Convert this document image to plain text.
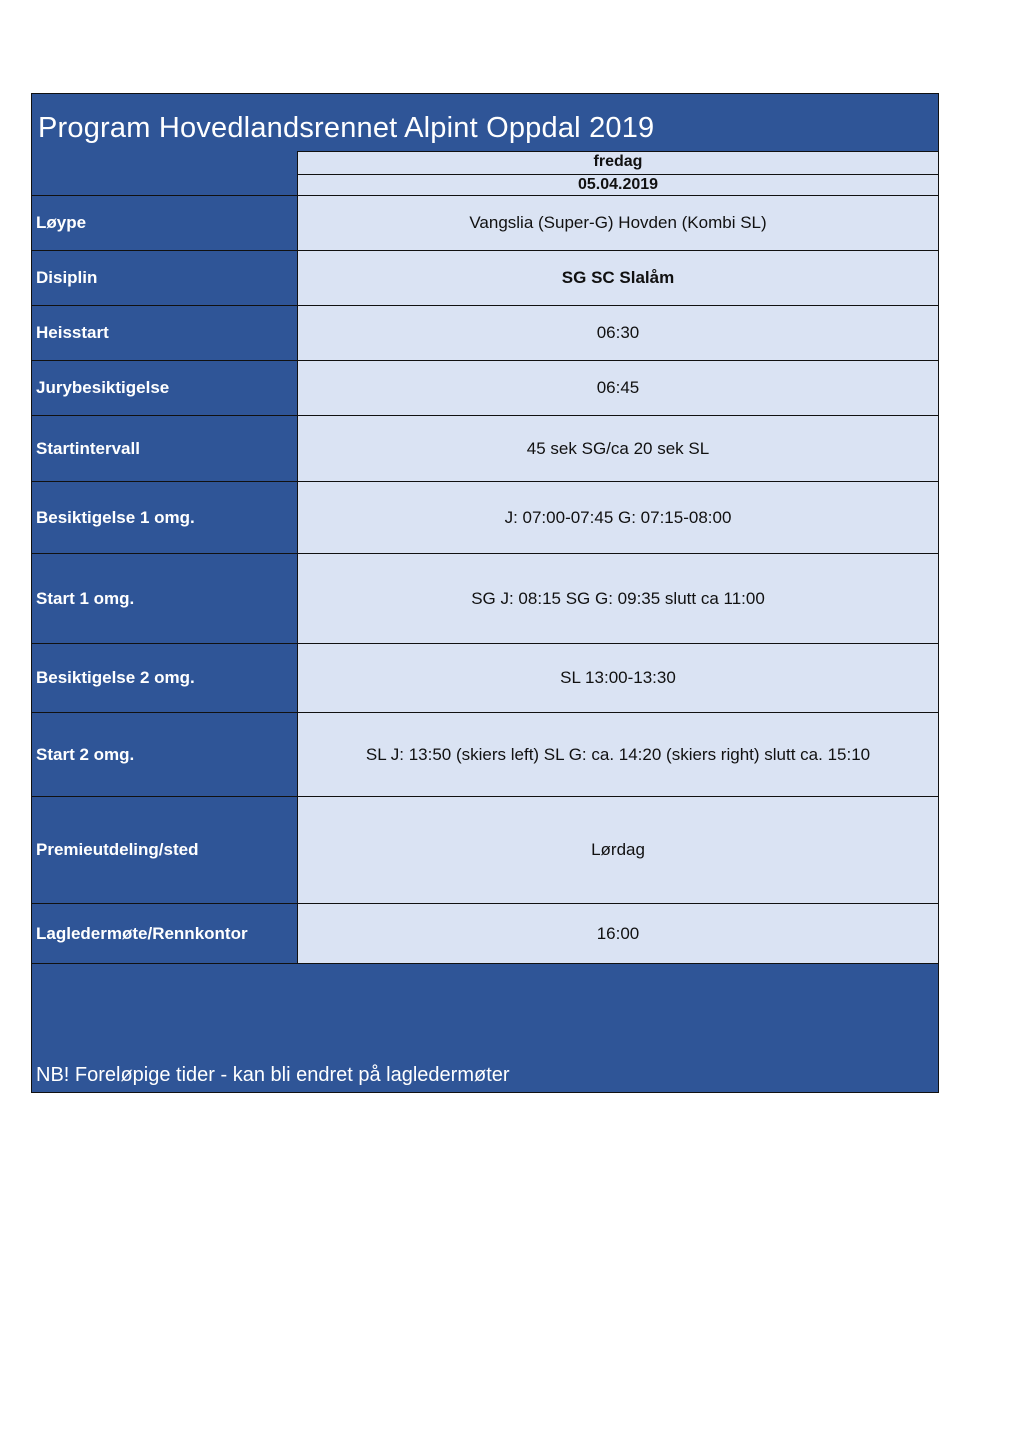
Program Hovedlandsrennet Alpint Oppdal 2019
fredag
05.04.2019
Løype	Vangslia (Super-G) Hovden (Kombi SL)
Disiplin	SG SC Slalåm
Heisstart	06:30
Jurybesiktigelse	06:45
Startintervall	45 sek SG/ca 20 sek SL
Besiktigelse 1 omg.	J: 07:00-07:45 G: 07:15-08:00
Start 1 omg.	SG J: 08:15 SG G: 09:35 slutt ca 11:00
Besiktigelse 2 omg.	SL 13:00-13:30
Start 2 omg.	SL J: 13:50 (skiers left) SL G: ca. 14:20 (skiers right) slutt ca. 15:10
Premieutdeling/sted	Lørdag
Lagledermøte/Rennkontor	16:00
NB! Foreløpige tider - kan bli endret på lagledermøter
